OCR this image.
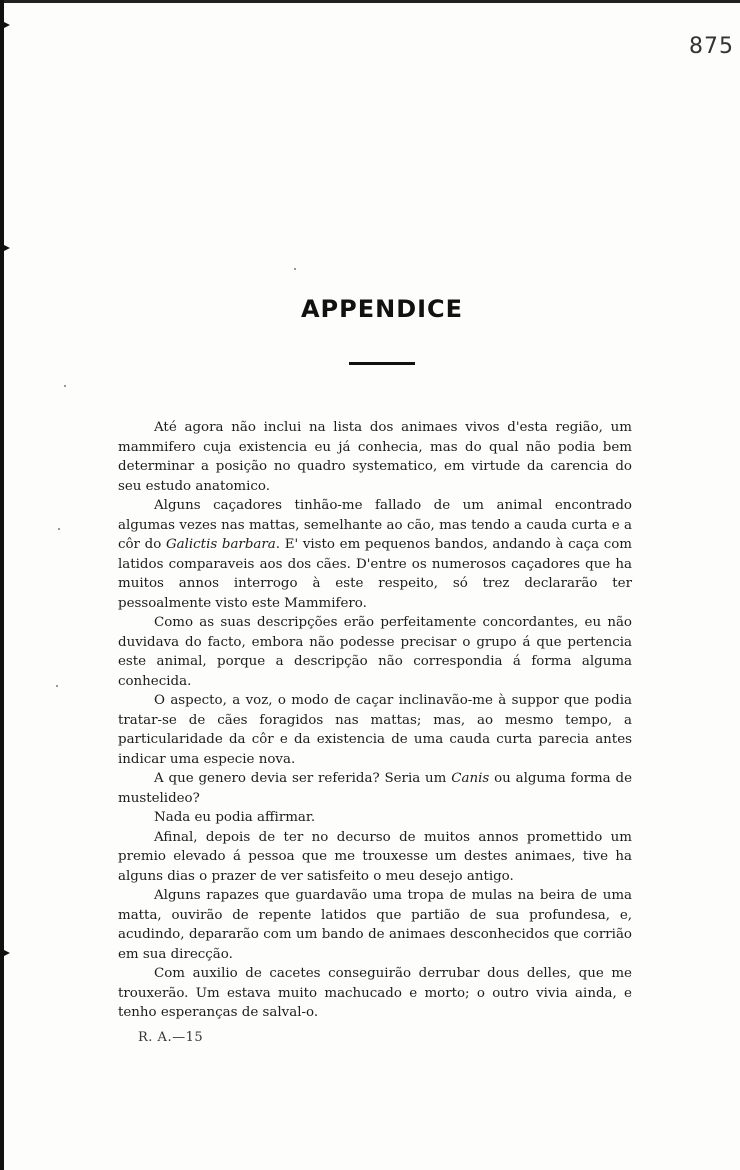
875
APPENDICE

Até agora não inclui na lista dos animaes vivos d'esta região, um mammifero cuja existencia eu já conhecia, mas do qual não podia bem determinar a posição no quadro systematico, em virtude da carencia do seu estudo anatomico.

Alguns caçadores tinhão-me fallado de um animal encontrado algumas vezes nas mattas, semelhante ao cão, mas tendo a cauda curta e a côr do Galictis barbara. E' visto em pequenos bandos, andando à caça com latidos comparaveis aos dos cães. D'entre os numerosos caçadores que ha muitos annos interrogo à este respeito, só trez declararão ter pessoalmente visto este Mammifero.

Como as suas descripções erão perfeitamente concordantes, eu não duvidava do facto, embora não podesse precisar o grupo á que pertencia este animal, porque a descripção não correspondia á forma alguma conhecida.

O aspecto, a voz, o modo de caçar inclinavão-me à suppor que podia tratar-se de cães foragidos nas mattas; mas, ao mesmo tempo, a particularidade da côr e da existencia de uma cauda curta parecia antes indicar uma especie nova.

A que genero devia ser referida? Seria um Canis ou alguma forma de mustelideo?

Nada eu podia affirmar.

Afinal, depois de ter no decurso de muitos annos promettido um premio elevado á pessoa que me trouxesse um destes animaes, tive ha alguns dias o prazer de ver satisfeito o meu desejo antigo.

Alguns rapazes que guardavão uma tropa de mulas na beira de uma matta, ouvirão de repente latidos que partião de sua profundesa, e, acudindo, depararão com um bando de animaes desconhecidos que corrião em sua direcção.

Com auxilio de cacetes conseguirão derrubar dous delles, que me trouxerão. Um estava muito machucado e morto; o outro vivia ainda, e tenho esperanças de salval-o.

R. A.—15
